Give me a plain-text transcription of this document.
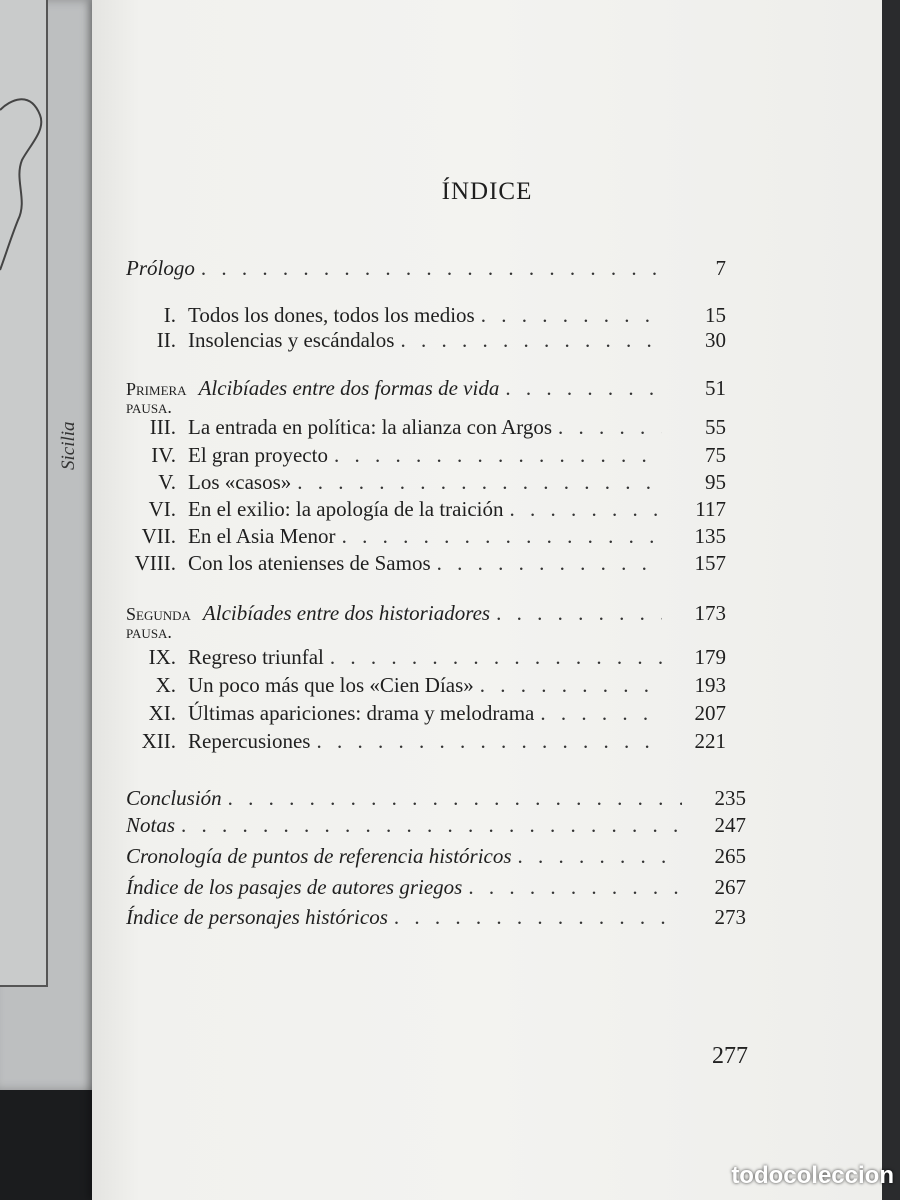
Sicilia
ÍNDICE
Prólogo . . .	7
I. Todos los dones, todos los medios . . .	15
II. Insolencias y escándalos . . .	30
Primera pausa.
Alcibíades entre dos formas de vida . . .	51
III. La entrada en política: la alianza con Argos . . .	55
IV. El gran proyecto . . .	75
V. Los «casos» . . .	95
VI. En el exilio: la apología de la traición . . .	117
VII. En el Asia Menor . . .	135
VIII. Con los atenienses de Samos . . .	157
Segunda pausa.
Alcibíades entre dos historiadores . . .	173
IX. Regreso triunfal . . .	179
X. Un poco más que los «Cien Días» . . .	193
XI. Últimas apariciones: drama y melodrama . . .	207
XII. Repercusiones . . .	221
Conclusión . . .	235
Notas . . .	247
Cronología de puntos de referencia históricos . . .	265
Índice de los pasajes de autores griegos . . .	267
Índice de personajes históricos . . .	273
277
todocoleccion
